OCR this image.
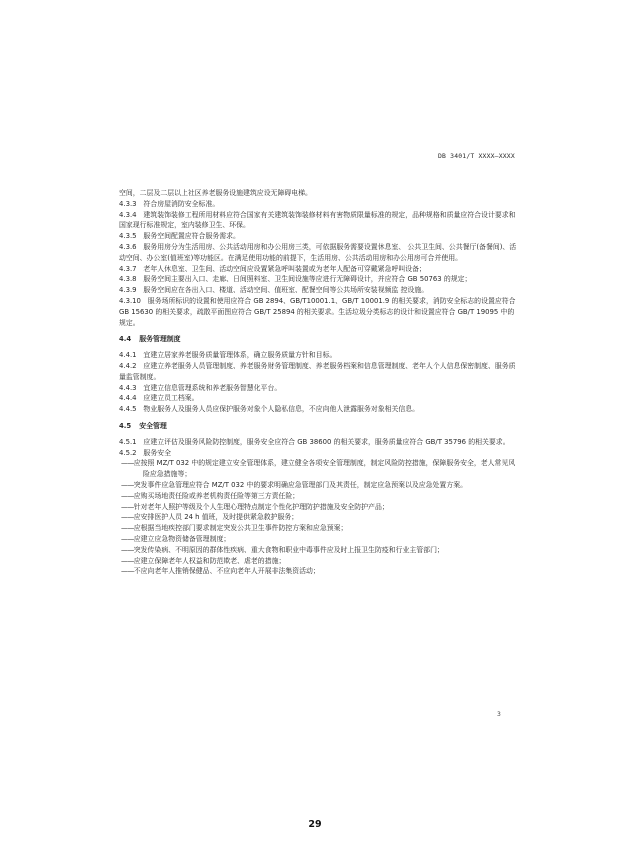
DB 3401/T XXXX—XXXX

空间，二层及二层以上社区养老服务设施建筑应设无障碍电梯。

4.3.3　符合房屋消防安全标准。

4.3.4　建筑装饰装修工程所用材料应符合国家有关建筑装饰装修材料有害物质限量标准的规定，品种规格和质量应符合设计要求和国家现行标准规定，室内装修卫生、环保。

4.3.5　服务空间配置应符合服务需求。

4.3.6　服务用房分为生活用房、公共活动用房和办公用房三类，可依据服务需要设置休息室、 公共卫生间、公共餐厅(备餐间)、活动空间、办公室(值班室)等功能区。在满足使用功能的前提下，生活用房、公共活动用房和办公用房可合并使用。

4.3.7　老年人休息室、卫生间、活动空间应设置紧急呼叫装置或为老年人配备可穿戴紧急呼叫设备；

4.3.8　服务空间主要出入口、走廊、日间照料室、卫生间设施等应进行无障碍设计，并应符合 GB 50763 的规定；

4.3.9　服务空间应在各出入口、楼道、活动空间、值班室、配餐空间等公共场所安装视频监 控设施。

4.3.10　服务场所标识的设置和使用应符合 GB 2894、GB/T10001.1、GB/T 10001.9 的相关要求，消防安全标志的设置应符合 GB 15630 的相关要求，疏散平面图应符合 GB/T 25894 的相关要求。生活垃圾分类标志的设计和设置应符合 GB/T 19095 中的规定。

4.4 服务管理制度

4.4.1　宜建立居家养老服务质量管理体系，确立服务质量方针和目标。

4.4.2　应建立养老服务人员管理制度、养老服务财务管理制度、养老服务档案和信息管理制度、老年人个人信息保密制度、服务质量监管制度。

4.4.3　宜建立信息管理系统和养老服务智慧化平台。

4.4.4　应建立员工档案。

4.4.5　物业服务人及服务人员应保护服务对象个人隐私信息，不应向他人泄露服务对象相关信息。

4.5 安全管理

4.5.1　应建立评估及服务风险防控制度，服务安全应符合 GB 38600 的相关要求，服务质量应符合 GB/T 35796 的相关要求。

4.5.2　服务安全

——应按照 MZ/T 032 中的规定建立安全管理体系，建立健全各项安全管理制度，制定风险防控措施，保障服务安全，老人常见风险应急措施等；

——突发事件应急管理应符合 MZ/T 032 中的要求明确应急管理部门及其责任，制定应急预案以及应急处置方案。

——应购买场地责任险或养老机构责任险等第三方责任险；

——针对老年人照护等级及个人生理心理特点制定个性化护理防护措施及安全防护产品；

——应安排医护人员 24 h 值班，及时提供紧急救护服务；

——应根据当地疾控部门要求制定突发公共卫生事件防控方案和应急预案；

——应建立应急物资储备管理制度；

——突发传染病、不明原因的群体性疾病、重大食物和职业中毒事件应及时上报卫生防疫和行业主管部门；

——应建立保障老年人权益和防范欺老、虐老的措施；

——不应向老年人推销保健品、不应向老年人开展非法集资活动；

3
29
